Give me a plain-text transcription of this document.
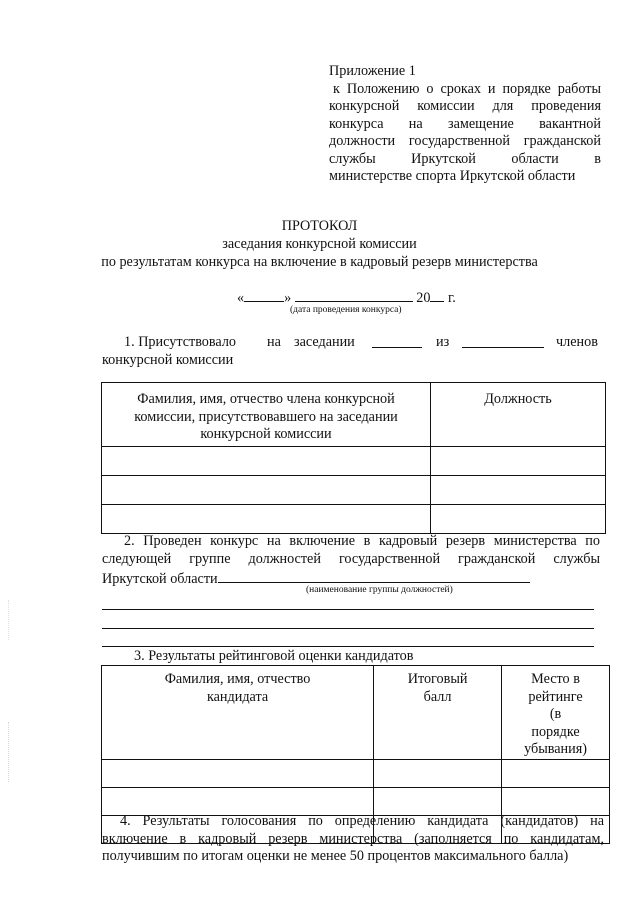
Приложение 1
к Положению о сроках и порядке работы
конкурсной комиссии для проведения
конкурса на замещение вакантной
должности государственной гражданской
службы Иркутской области в
министерстве спорта Иркутской области
ПРОТОКОЛ
заседания конкурсной комиссии
по результатам конкурса на включение в кадровый резерв министерства
«	»	20 г.
(дата проведения конкурса)
1. Присутствовало на заседании	из	членов
конкурсной комиссии
Фамилия, имя, отчество члена конкурсной комиссии, присутствовавшего на заседании конкурсной комиссии	Должность

2. Проведен конкурс на включение в кадровый резерв министерства по
следующей группе должностей государственной гражданской службы
Иркутской области
(наименование группы должностей)
3. Результаты рейтинговой оценки кандидатов
Фамилия, имя, отчество кандидата	Итоговый балл	Место в рейтинге (в порядке убывания)

4. Результаты голосования по определению кандидата (кандидатов) на
включение в кадровый резерв министерства (заполняется по кандидатам,
получившим по итогам оценки не менее 50 процентов максимального балла)
